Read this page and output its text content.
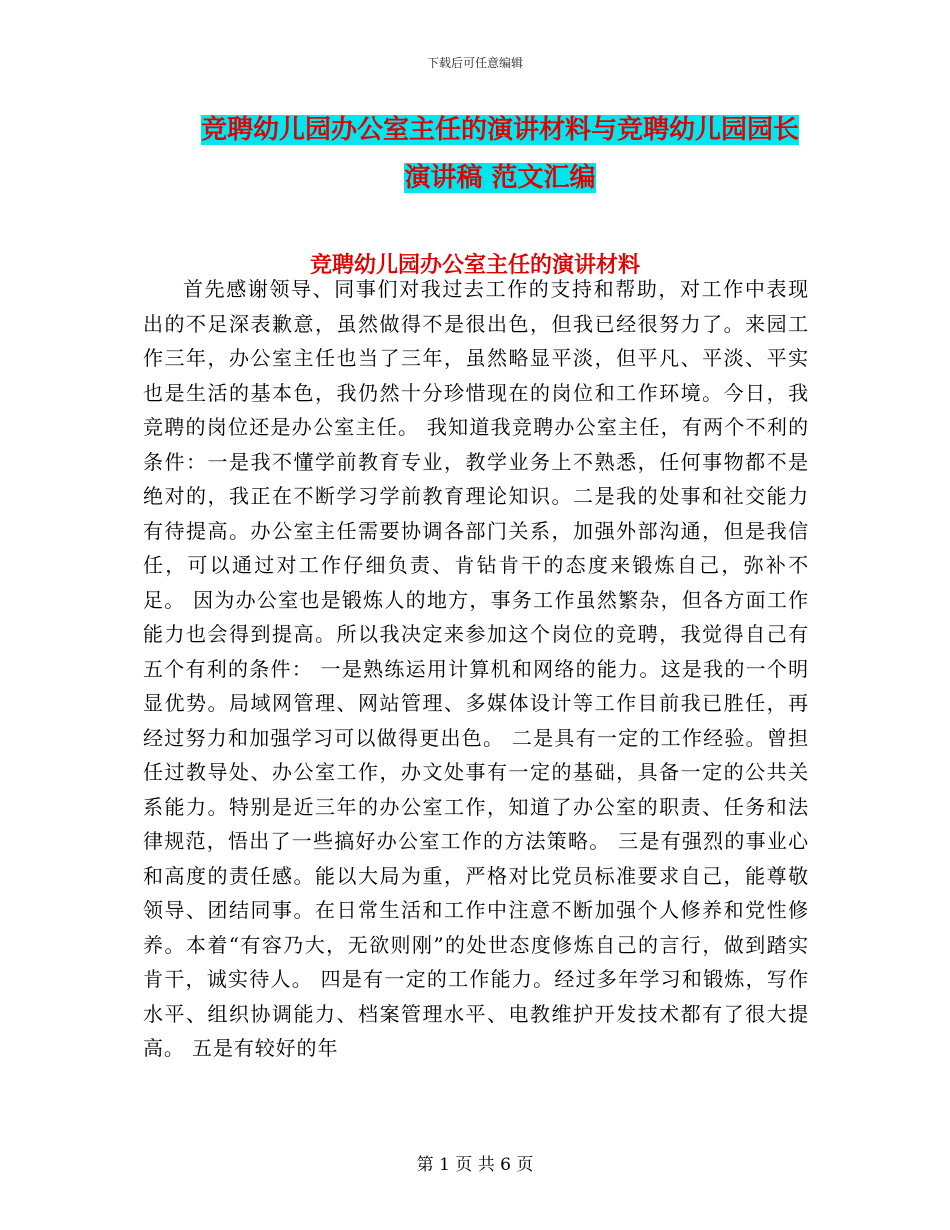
下载后可任意编辑
竞聘幼儿园办公室主任的演讲材料与竞聘幼儿园园长
演讲稿 范文汇编
竞聘幼儿园办公室主任的演讲材料

首先感谢领导、同事们对我过去工作的支持和帮助，对工作中表现出的不足深表歉意，虽然做得不是很出色，但我已经很努力了。来园工作三年，办公室主任也当了三年，虽然略显平淡，但平凡、平淡、平实也是生活的基本色，我仍然十分珍惜现在的岗位和工作环境。今日，我竞聘的岗位还是办公室主任。 我知道我竞聘办公室主任，有两个不利的条件：一是我不懂学前教育专业，教学业务上不熟悉，任何事物都不是绝对的，我正在不断学习学前教育理论知识。二是我的处事和社交能力有待提高。办公室主任需要协调各部门关系，加强外部沟通，但是我信任，可以通过对工作仔细负责、肯钻肯干的态度来锻炼自己，弥补不足。 因为办公室也是锻炼人的地方，事务工作虽然繁杂，但各方面工作能力也会得到提高。所以我决定来参加这个岗位的竞聘，我觉得自己有五个有利的条件： 一是熟练运用计算机和网络的能力。这是我的一个明显优势。局域网管理、网站管理、多媒体设计等工作目前我已胜任，再经过努力和加强学习可以做得更出色。 二是具有一定的工作经验。曾担任过教导处、办公室工作，办文处事有一定的基础，具备一定的公共关系能力。特别是近三年的办公室工作，知道了办公室的职责、任务和法律规范，悟出了一些搞好办公室工作的方法策略。 三是有强烈的事业心和高度的责任感。能以大局为重，严格对比党员标准要求自己，能尊敬领导、团结同事。在日常生活和工作中注意不断加强个人修养和党性修养。本着“有容乃大，无欲则刚”的处世态度修炼自己的言行，做到踏实肯干，诚实待人。 四是有一定的工作能力。经过多年学习和锻炼，写作水平、组织协调能力、档案管理水平、电教维护开发技术都有了很大提高。 五是有较好的年

第 1 页 共 6 页
